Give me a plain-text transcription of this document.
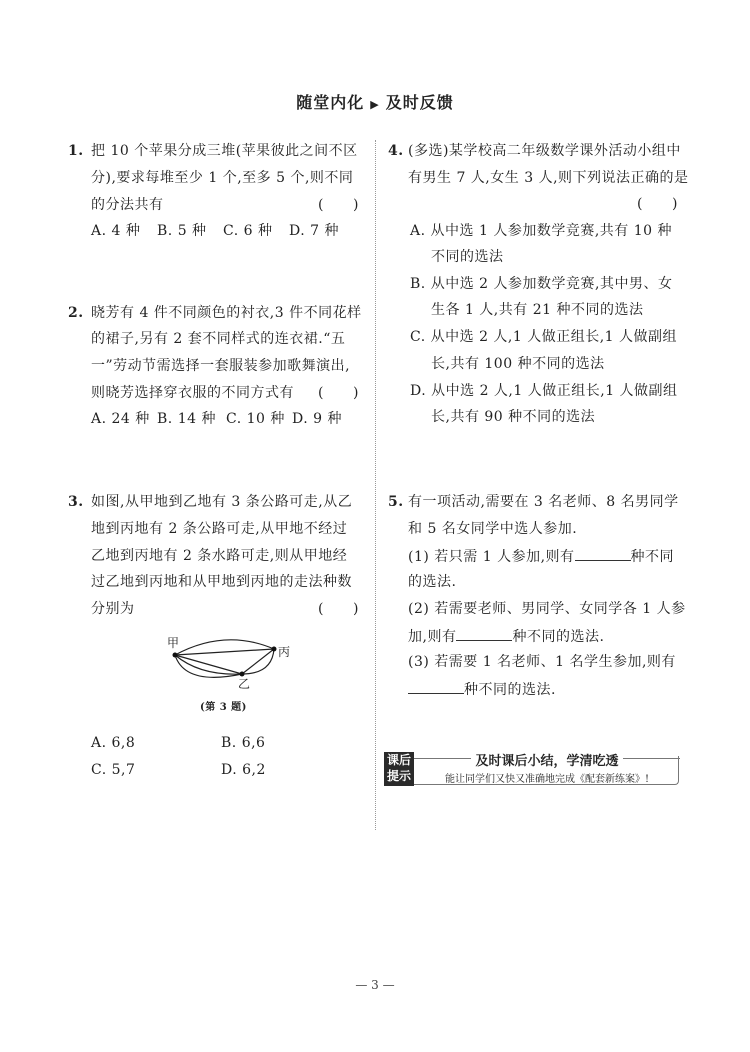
随堂内化 ▶ 及时反馈
1. 把 10 个苹果分成三堆(苹果彼此之间不区
分),要求每堆至少 1 个,至多 5 个,则不同
的分法共有	(　　)
A. 4 种 B. 5 种 C. 6 种 D. 7 种
2. 晓芳有 4 件不同颜色的衬衣,3 件不同花样
的裙子,另有 2 套不同样式的连衣裙.“五
一”劳动节需选择一套服装参加歌舞演出,
则晓芳选择穿衣服的不同方式有 (　　)
A. 24 种 B. 14 种 C. 10 种 D. 9 种
3. 如图,从甲地到乙地有 3 条公路可走,从乙
地到丙地有 2 条公路可走,从甲地不经过
乙地到丙地有 2 条水路可走,则从甲地经
过乙地到丙地和从甲地到丙地的走法种数
分别为	(　　)
甲
丙
乙
(第 3 题)
A. 6,8	B. 6,6
C. 5,7	D. 6,2
4. (多选)某学校高二年级数学课外活动小组中
有男生 7 人,女生 3 人,则下列说法正确的是
(　　)
A. 从中选 1 人参加数学竞赛,共有 10 种
不同的选法
B. 从中选 2 人参加数学竞赛,其中男、女
生各 1 人,共有 21 种不同的选法
C. 从中选 2 人,1 人做正组长,1 人做副组
长,共有 100 种不同的选法
D. 从中选 2 人,1 人做正组长,1 人做副组
长,共有 90 种不同的选法
5. 有一项活动,需要在 3 名老师、8 名男同学
和 5 名女同学中选人参加.
(1) 若只需 1 人参加,则有	种不同
的选法.
(2) 若需要老师、男同学、女同学各 1 人参
加,则有	种不同的选法.
(3) 若需要 1 名老师、1 名学生参加,则有
种不同的选法.
课后
提示
及时课后小结，学清吃透
能让同学们又快又准确地完成《配套新练案》!
— 3 —
